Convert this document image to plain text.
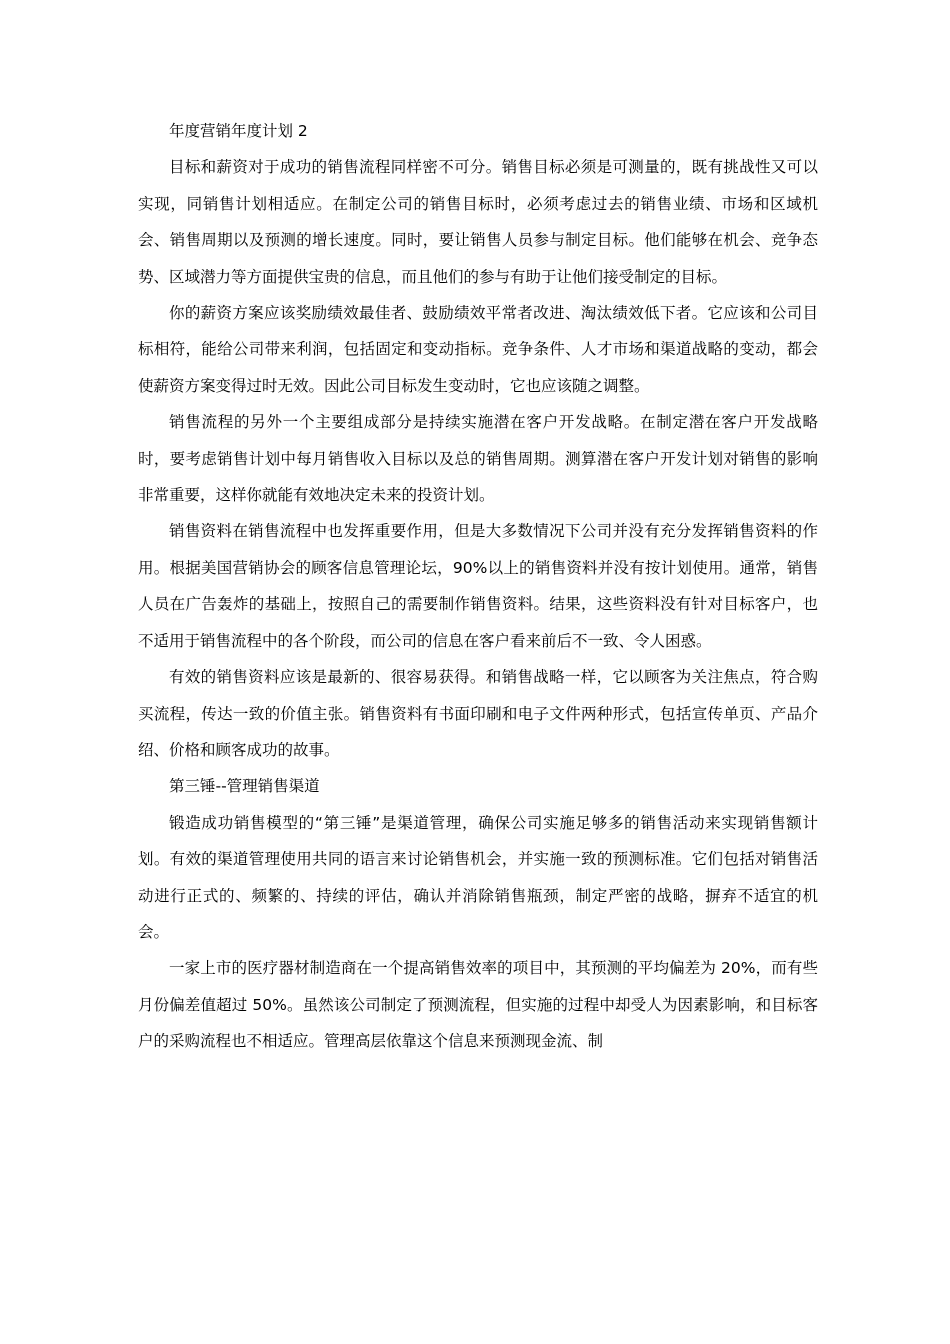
年度营销年度计划 2

目标和薪资对于成功的销售流程同样密不可分。销售目标必须是可测量的，既有挑战性又可以实现，同销售计划相适应。在制定公司的销售目标时，必须考虑过去的销售业绩、市场和区域机会、销售周期以及预测的增长速度。同时，要让销售人员参与制定目标。他们能够在机会、竞争态势、区域潜力等方面提供宝贵的信息，而且他们的参与有助于让他们接受制定的目标。

你的薪资方案应该奖励绩效最佳者、鼓励绩效平常者改进、淘汰绩效低下者。它应该和公司目标相符，能给公司带来利润，包括固定和变动指标。竞争条件、人才市场和渠道战略的变动，都会使薪资方案变得过时无效。因此公司目标发生变动时，它也应该随之调整。

销售流程的另外一个主要组成部分是持续实施潜在客户开发战略。在制定潜在客户开发战略时，要考虑销售计划中每月销售收入目标以及总的销售周期。测算潜在客户开发计划对销售的影响非常重要，这样你就能有效地决定未来的投资计划。

销售资料在销售流程中也发挥重要作用，但是大多数情况下公司并没有充分发挥销售资料的作用。根据美国营销协会的顾客信息管理论坛，90%以上的销售资料并没有按计划使用。通常，销售人员在广告轰炸的基础上，按照自己的需要制作销售资料。结果，这些资料没有针对目标客户，也不适用于销售流程中的各个阶段，而公司的信息在客户看来前后不一致、令人困惑。

有效的销售资料应该是最新的、很容易获得。和销售战略一样，它以顾客为关注焦点，符合购买流程，传达一致的价值主张。销售资料有书面印刷和电子文件两种形式，包括宣传单页、产品介绍、价格和顾客成功的故事。

第三锤--管理销售渠道

锻造成功销售模型的“第三锤”是渠道管理，确保公司实施足够多的销售活动来实现销售额计划。有效的渠道管理使用共同的语言来讨论销售机会，并实施一致的预测标准。它们包括对销售活动进行正式的、频繁的、持续的评估，确认并消除销售瓶颈，制定严密的战略，摒弃不适宜的机会。

一家上市的医疗器材制造商在一个提高销售效率的项目中，其预测的平均偏差为 20%，而有些月份偏差值超过 50%。虽然该公司制定了预测流程，但实施的过程中却受人为因素影响，和目标客户的采购流程也不相适应。管理高层依靠这个信息来预测现金流、制
